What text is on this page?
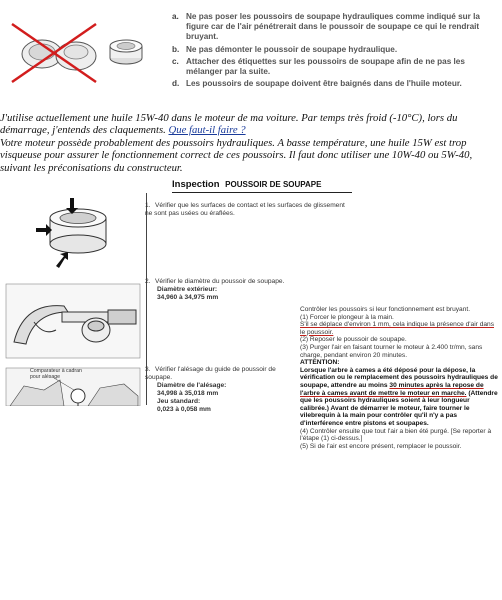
a. Ne pas poser les poussoirs de soupape hydrauliques comme indiqué sur la figure car de l'air pénétrerait dans le poussoir de soupape ce qui le rendrait bruyant.
b. Ne pas démonter le poussoir de soupape hydraulique.
c. Attacher des étiquettes sur les poussoirs de soupape afin de ne pas les mélanger par la suite.
d. Les poussoirs de soupape doivent être baignés dans de l'huile moteur.
J'utilise actuellement une huile 15W-40 dans le moteur de ma voiture. Par temps très froid (-10°C), lors du démarrage, j'entends des claquements. Que faut-il faire ?
Votre moteur possède probablement des poussoirs hydrauliques. A basse température, une huile 15W est trop visqueuse pour assurer le fonctionnement correct de ces poussoirs. Il faut donc utiliser une 10W-40 ou 5W-40, suivant les préconisations du constructeur.
Inspection POUSSOIR DE SOUPAPE
1. Vérifier que les surfaces de contact et les surfaces de glissement ne sont pas usées ou éraflées.
2. Vérifier le diamètre du poussoir de soupape.
Diamètre extérieur:
34,960 à 34,975 mm
Comparateur à cadran
pour alésage
3. Vérifier l'alésage du guide de poussoir de soupape.
Diamètre de l'alésage:
34,998 à 35,018 mm
Jeu standard:
0,023 à 0,058 mm
Contrôler les poussoirs si leur fonctionnement est bruyant.
(1) Forcer le plongeur à la main.
S'il se déplace d'environ 1 mm, cela indique la présence d'air dans le poussoir.
(2) Reposer le poussoir de soupape.
(3) Purger l'air en faisant tourner le moteur à 2.400 tr/mn, sans charge, pendant environ 20 minutes.
ATTENTION:
Lorsque l'arbre à cames a été déposé pour la dépose, la vérification ou le remplacement des poussoirs hydrauliques de soupape, attendre au moins 30 minutes après la repose de l'arbre à cames avant de mettre le moteur en marche. (Attendre que les poussoirs hydrauliques soient à leur longueur calibrée.) Avant de démarrer le moteur, faire tourner le vilebrequin à la main pour contrôler qu'il n'y a pas d'interférence entre pistons et soupapes.
(4) Contrôler ensuite que tout l'air a bien été purgé. [Se reporter à l'étape (1) ci-dessus.]
(5) Si de l'air est encore présent, remplacer le poussoir.
